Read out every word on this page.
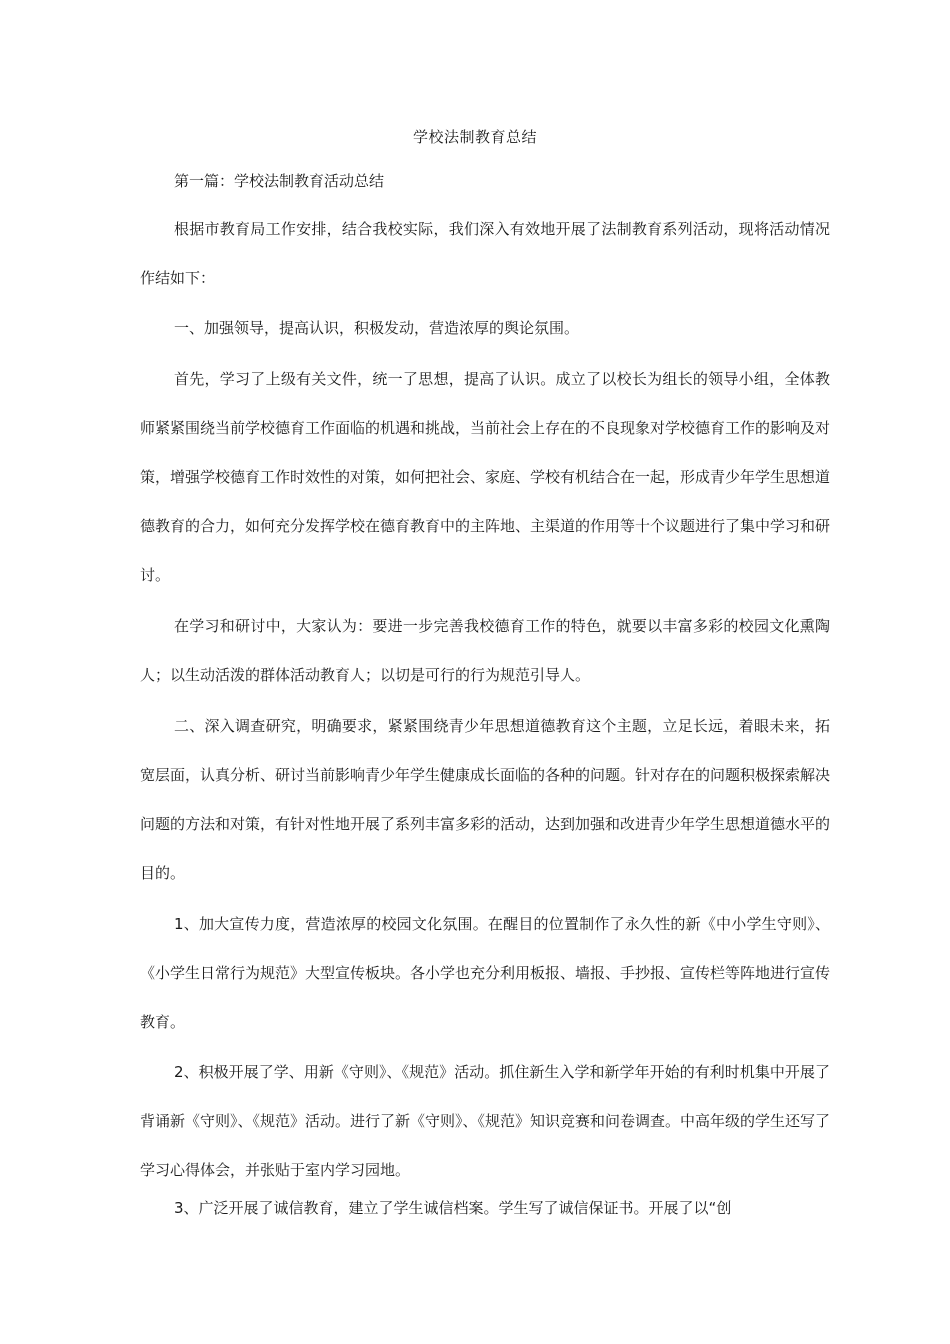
学校法制教育总结
第一篇：学校法制教育活动总结

根据市教育局工作安排，结合我校实际，我们深入有效地开展了法制教育系列活动，现将活动情况作结如下：

一、加强领导，提高认识，积极发动，营造浓厚的舆论氛围。

首先，学习了上级有关文件，统一了思想，提高了认识。成立了以校长为组长的领导小组，全体教师紧紧围绕当前学校德育工作面临的机遇和挑战，当前社会上存在的不良现象对学校德育工作的影响及对策，增强学校德育工作时效性的对策，如何把社会、家庭、学校有机结合在一起，形成青少年学生思想道德教育的合力，如何充分发挥学校在德育教育中的主阵地、主渠道的作用等十个议题进行了集中学习和研讨。

在学习和研讨中，大家认为：要进一步完善我校德育工作的特色，就要以丰富多彩的校园文化熏陶人；以生动活泼的群体活动教育人；以切是可行的行为规范引导人。

二、深入调查研究，明确要求，紧紧围绕青少年思想道德教育这个主题，立足长远，着眼未来，拓宽层面，认真分析、研讨当前影响青少年学生健康成长面临的各种的问题。针对存在的问题积极探索解决问题的方法和对策，有针对性地开展了系列丰富多彩的活动，达到加强和改进青少年学生思想道德水平的目的。

1、加大宣传力度，营造浓厚的校园文化氛围。在醒目的位置制作了永久性的新《中小学生守则》、《小学生日常行为规范》大型宣传板块。各小学也充分利用板报、墙报、手抄报、宣传栏等阵地进行宣传教育。

2、积极开展了学、用新《守则》、《规范》活动。抓住新生入学和新学年开始的有利时机集中开展了背诵新《守则》、《规范》活动。进行了新《守则》、《规范》知识竞赛和问卷调查。中高年级的学生还写了学习心得体会，并张贴于室内学习园地。

3、广泛开展了诚信教育，建立了学生诚信档案。学生写了诚信保证书。开展了以“创
